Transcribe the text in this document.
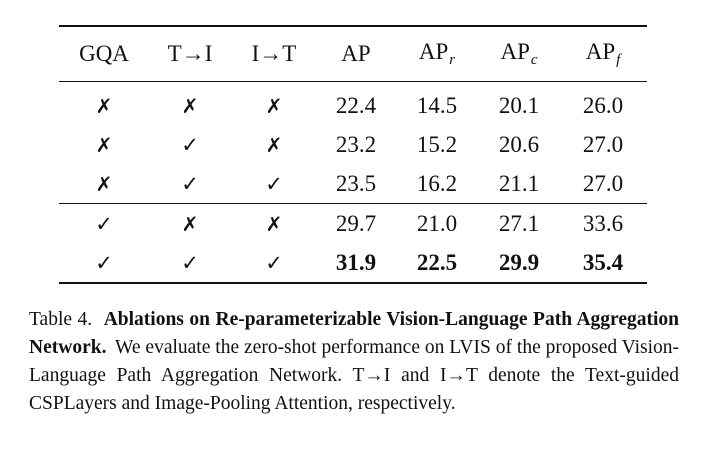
GQA	T→I	I→T	AP	$AP_r$	$AP_c$	$AP_f$
✗	✗	✗	22.4	14.5	20.1	26.0
✗	✓	✗	23.2	15.2	20.6	27.0
✗	✓	✓	23.5	16.2	21.1	27.0
✓	✗	✗	29.7	21.0	27.1	33.6
✓	✓	✓	31.9	22.5	29.9	35.4
Table 4. Ablations on Re-parameterizable Vision-Language Path Aggregation Network. We evaluate the zero-shot performance on LVIS of the proposed Vision-Language Path Aggregation Network. T→I and I→T denote the Text-guided CSPLayers and Image-Pooling Attention, respectively.
